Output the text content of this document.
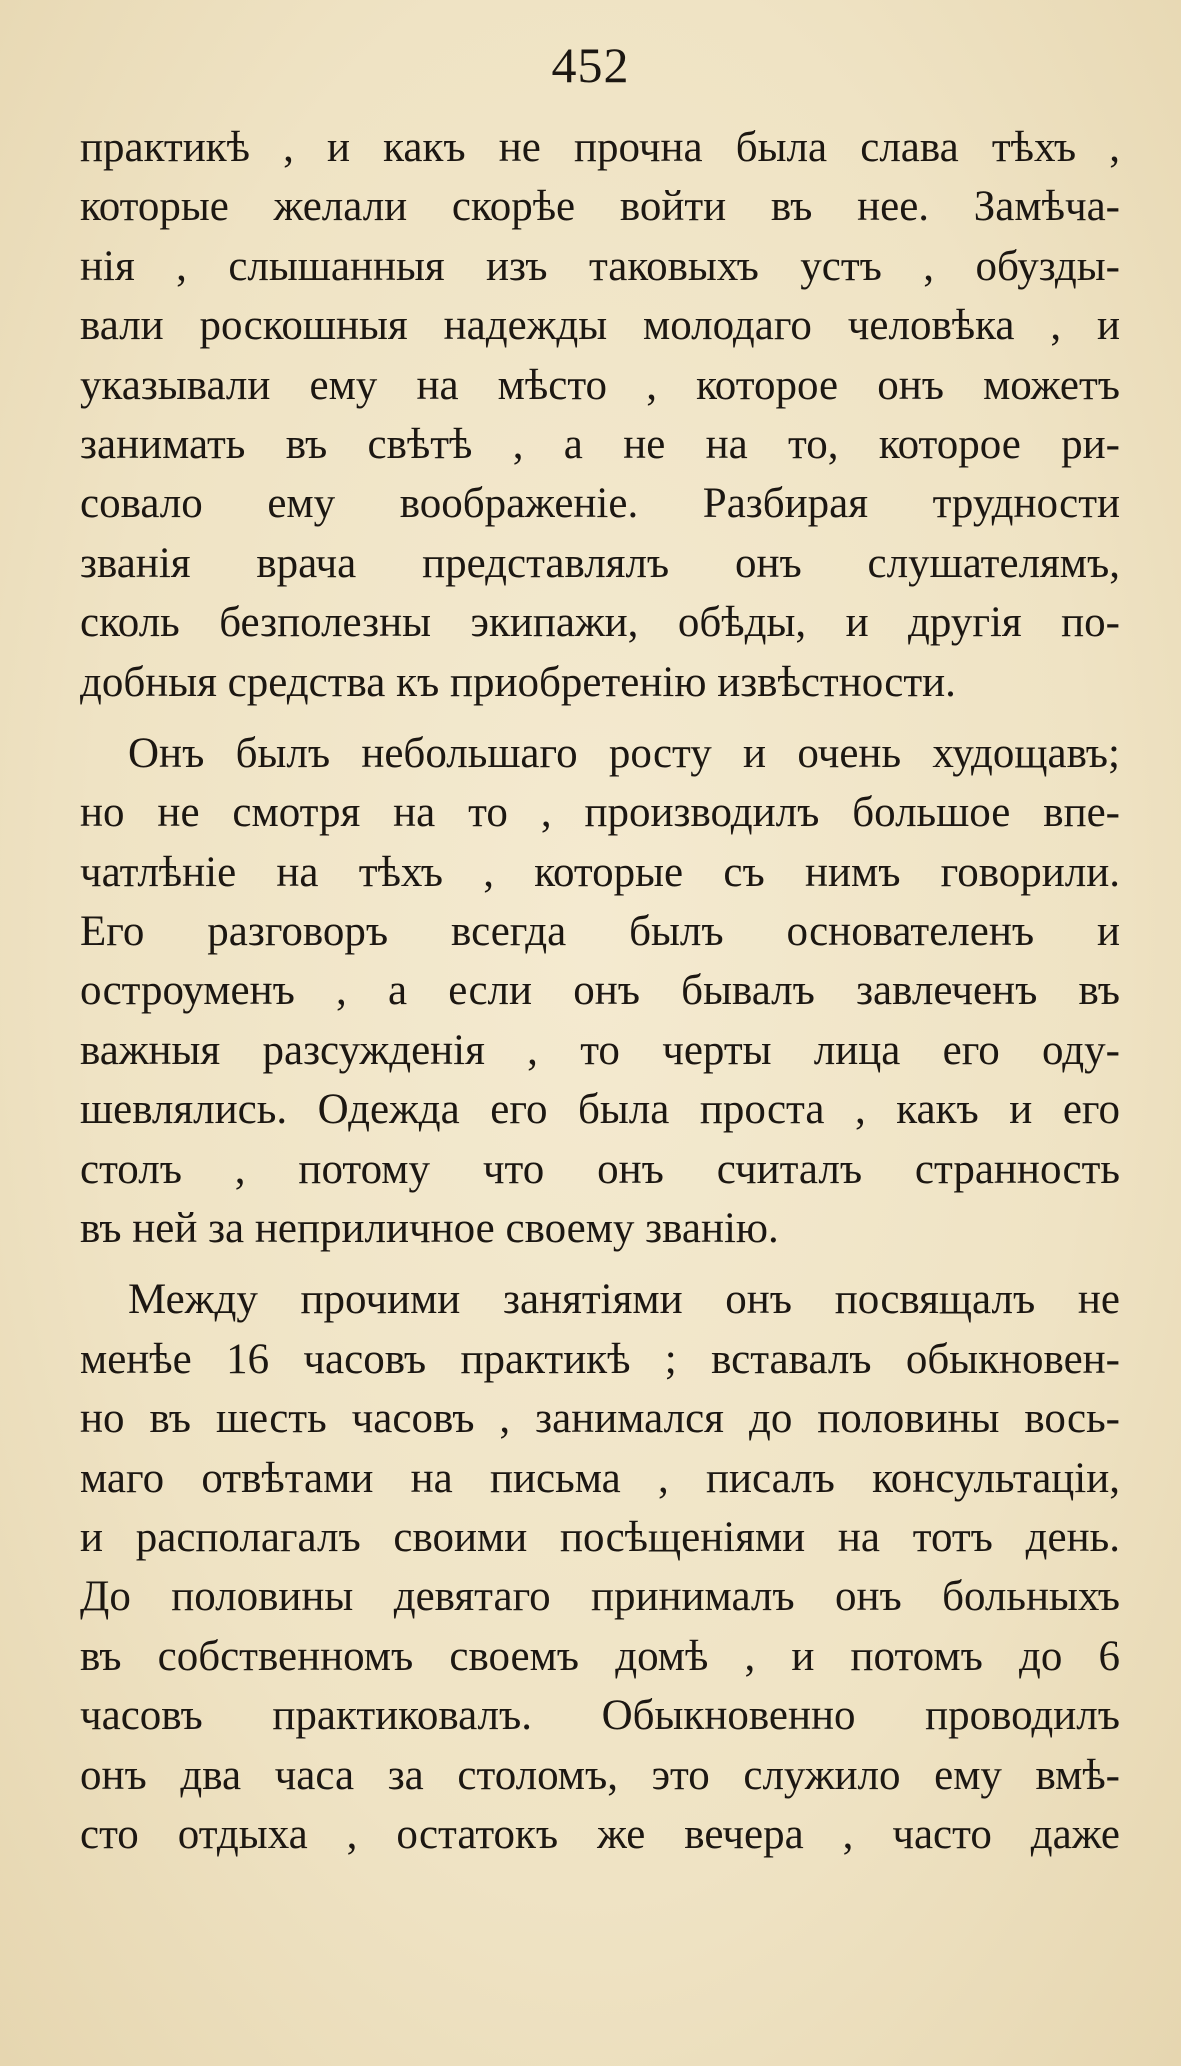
452
практикѣ , и какъ не прочна была слава тѣхъ ,
которые желали скорѣе войти въ нее. Замѣча-
нія , слышанныя изъ таковыхъ устъ , обузды-
вали роскошныя надежды молодаго человѣка , и
указывали ему на мѣсто , которое онъ можетъ
занимать въ свѣтѣ , а не на то, которое ри-
совало ему воображеніе. Разбирая трудности
званія врача представлялъ онъ слушателямъ,
сколь безполезны экипажи, обѣды, и другія по-
добныя средства къ приобретенію извѣстности.
Онъ былъ небольшаго росту и очень худощавъ;
но не смотря на то , производилъ большое впе-
чатлѣніе на тѣхъ , которые съ нимъ говорили.
Его разговоръ всегда былъ основателенъ и
остроуменъ , а если онъ бывалъ завлеченъ въ
важныя разсужденія , то черты лица его оду-
шевлялись. Одежда его была проста , какъ и его
столъ , потому что онъ считалъ странность
въ ней за неприличное своему званію.
Между прочими занятіями онъ посвящалъ не
менѣе 16 часовъ практикѣ ; вставалъ обыкновен-
но въ шесть часовъ , занимался до половины вось-
маго отвѣтами на письма , писалъ консультаціи,
и располагалъ своими посѣщеніями на тотъ день.
До половины девятаго принималъ онъ больныхъ
въ собственномъ своемъ домѣ , и потомъ до 6
часовъ практиковалъ. Обыкновенно проводилъ
онъ два часа за столомъ, это служило ему вмѣ-
сто отдыха , остатокъ же вечера , часто даже
